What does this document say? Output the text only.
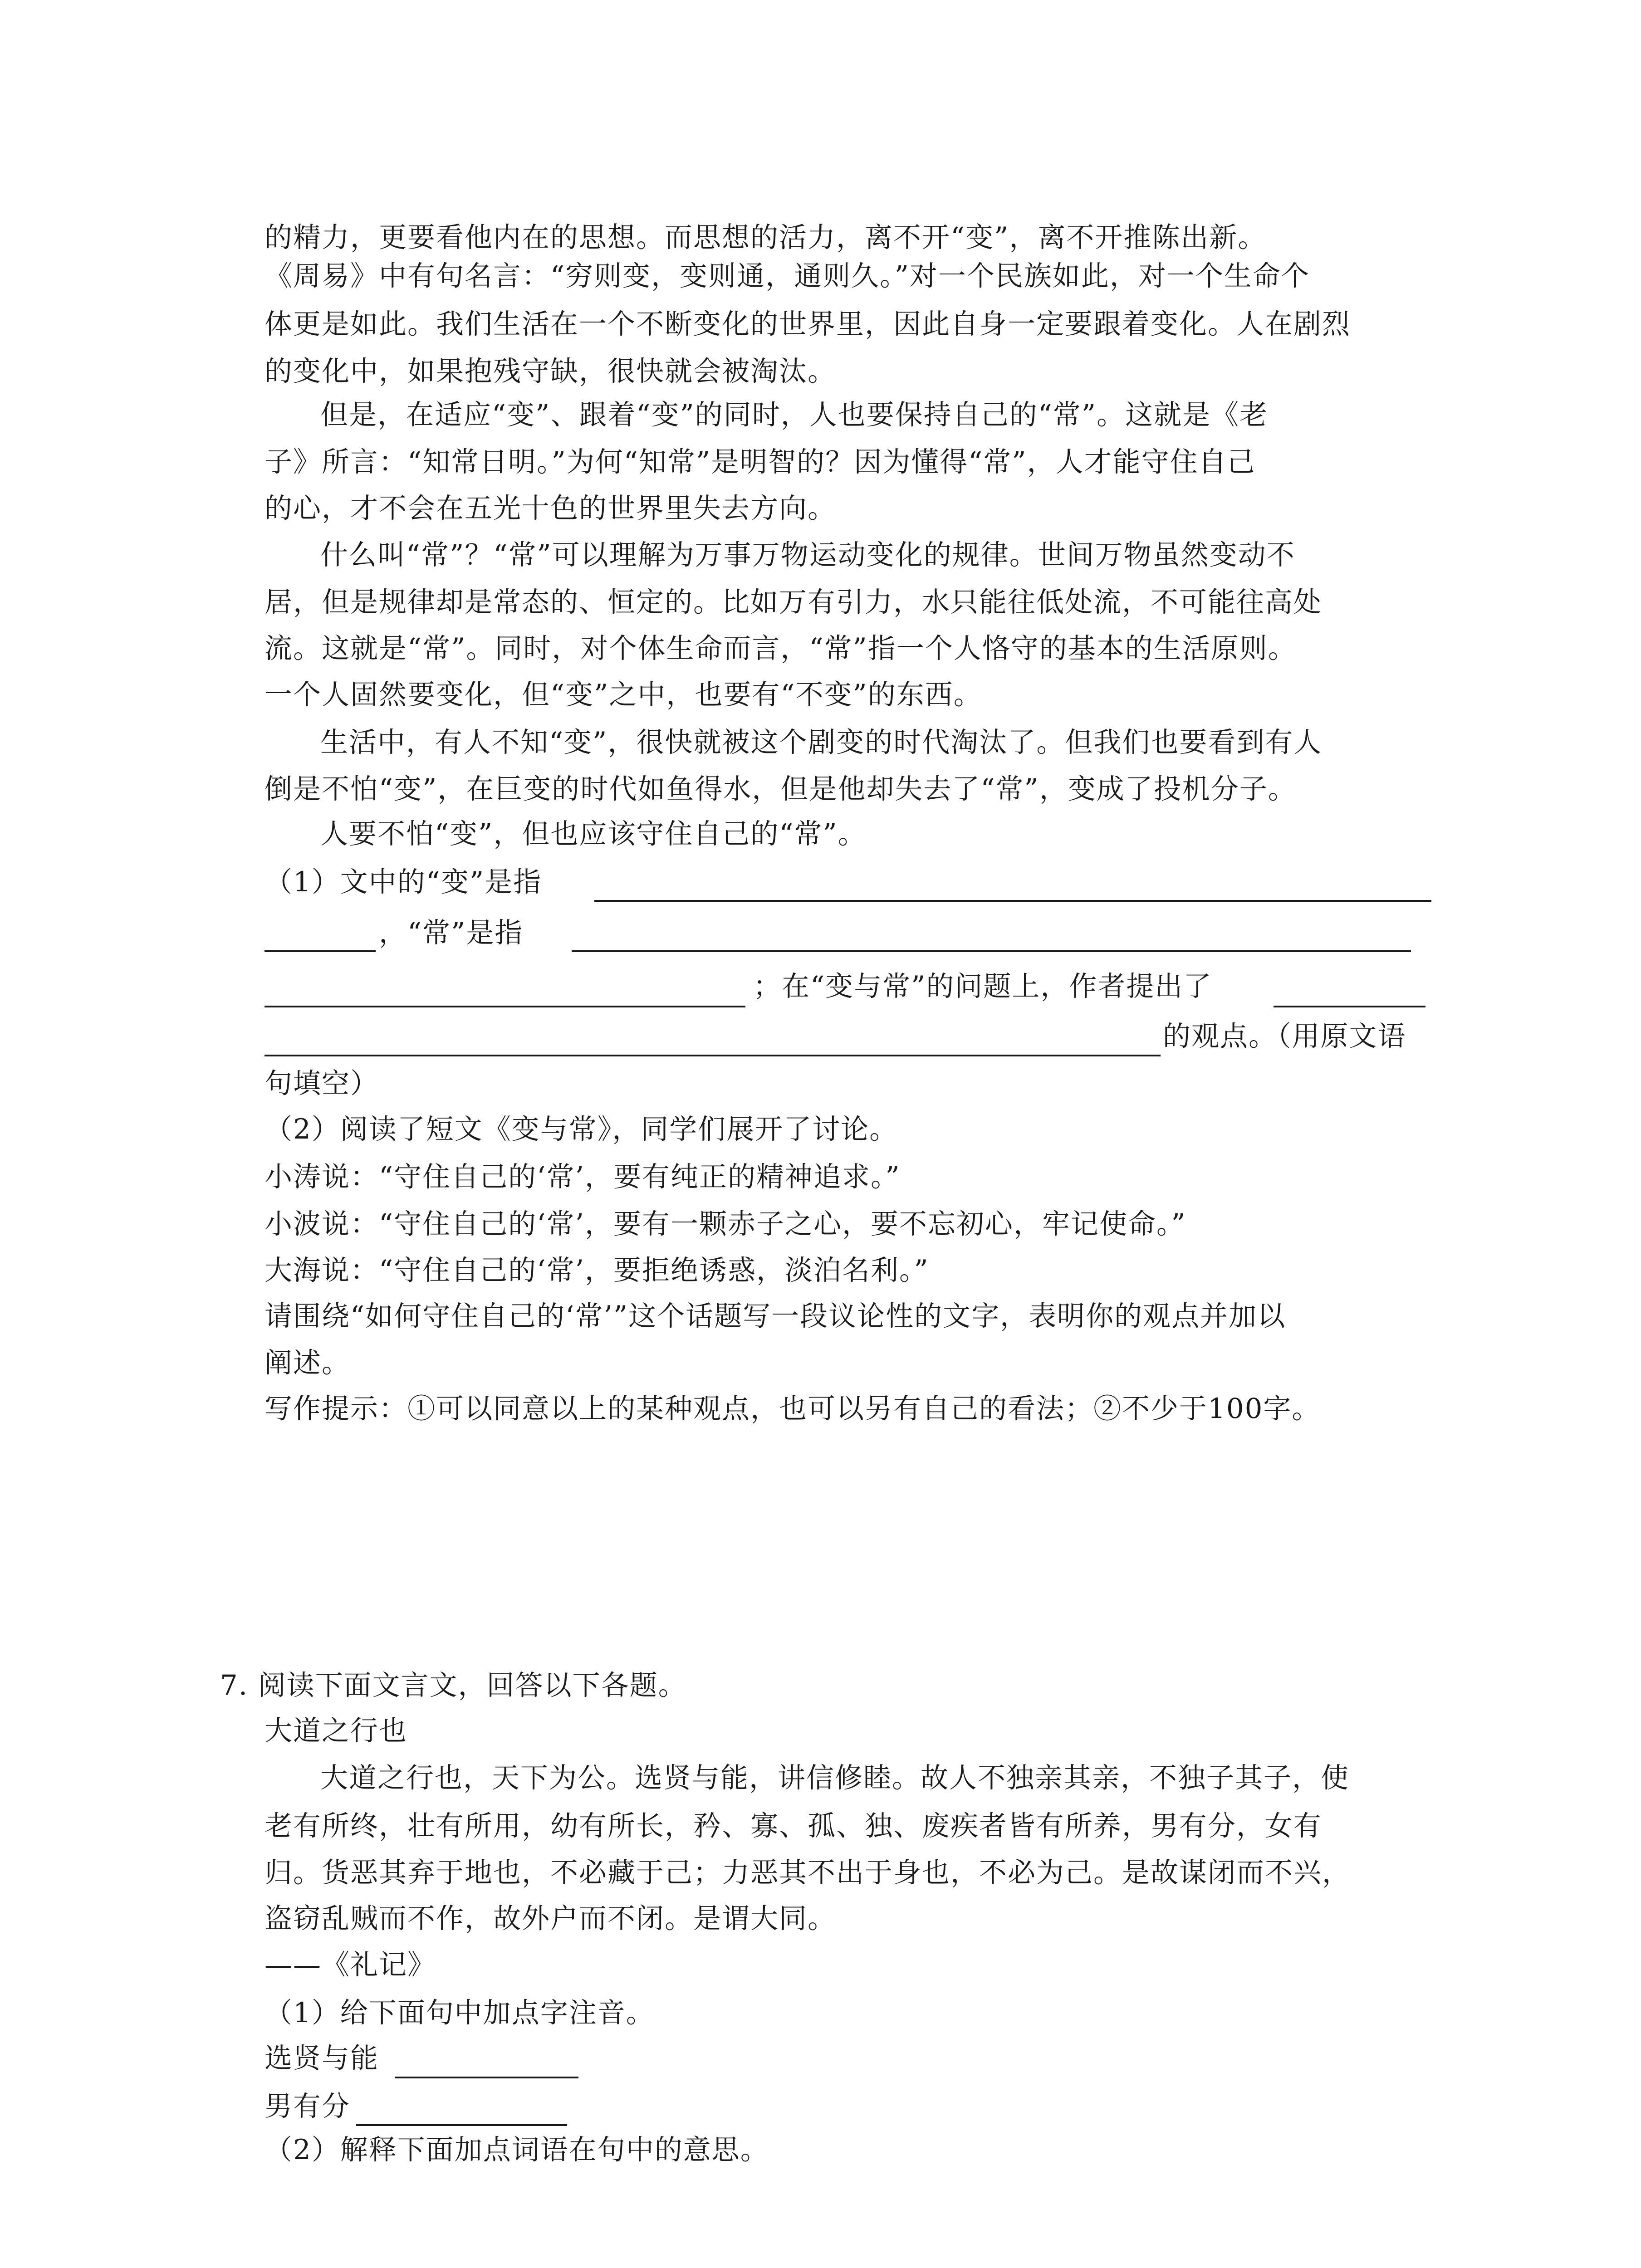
的精力，更要看他内在的思想。而思想的活力，离不开“变”，离不开推陈出新。
《周易》中有句名言：“穷则变，变则通，通则久。”对一个民族如此，对一个生命个
体更是如此。我们生活在一个不断变化的世界里，因此自身一定要跟着变化。人在剧烈
的变化中，如果抱残守缺，很快就会被淘汰。
但是，在适应“变”、跟着“变”的同时，人也要保持自己的“常”。这就是《老
子》所言：“知常日明。”为何“知常”是明智的？因为懂得“常”，人才能守住自己
的心，才不会在五光十色的世界里失去方向。
什么叫“常”？“常”可以理解为万事万物运动变化的规律。世间万物虽然变动不
居，但是规律却是常态的、恒定的。比如万有引力，水只能往低处流，不可能往高处
流。这就是“常”。同时，对个体生命而言，“常”指一个人恪守的基本的生活原则。
一个人固然要变化，但“变”之中，也要有“不变”的东西。
生活中，有人不知“变”，很快就被这个剧变的时代淘汰了。但我们也要看到有人
倒是不怕“变”，在巨变的时代如鱼得水，但是他却失去了“常”，变成了投机分子。
人要不怕“变”，但也应该守住自己的“常”。
（1）文中的“变”是指
，“常”是指
；在“变与常”的问题上，作者提出了
的观点。（用原文语
句填空）
（2）阅读了短文《变与常》，同学们展开了讨论。
小涛说：“守住自己的‘常’，要有纯正的精神追求。”
小波说：“守住自己的‘常’，要有一颗赤子之心，要不忘初心，牢记使命。”
大海说：“守住自己的‘常’，要拒绝诱惑，淡泊名利。”
请围绕“如何守住自己的‘常’”这个话题写一段议论性的文字，表明你的观点并加以
阐述。
写作提示：①可以同意以上的某种观点，也可以另有自己的看法；②不少于100字。
7. 阅读下面文言文，回答以下各题。
大道之行也
大道之行也，天下为公。选贤与能，讲信修睦。故人不独亲其亲，不独子其子，使
老有所终，壮有所用，幼有所长，矜、寡、孤、独、废疾者皆有所养，男有分，女有
归。货恶其弃于地也，不必藏于己；力恶其不出于身也，不必为己。是故谋闭而不兴，
盗窃乱贼而不作，故外户而不闭。是谓大同。
——《礼记》
（1）给下面句中加点字注音。
选贤与能
男有分
（2）解释下面加点词语在句中的意思。
